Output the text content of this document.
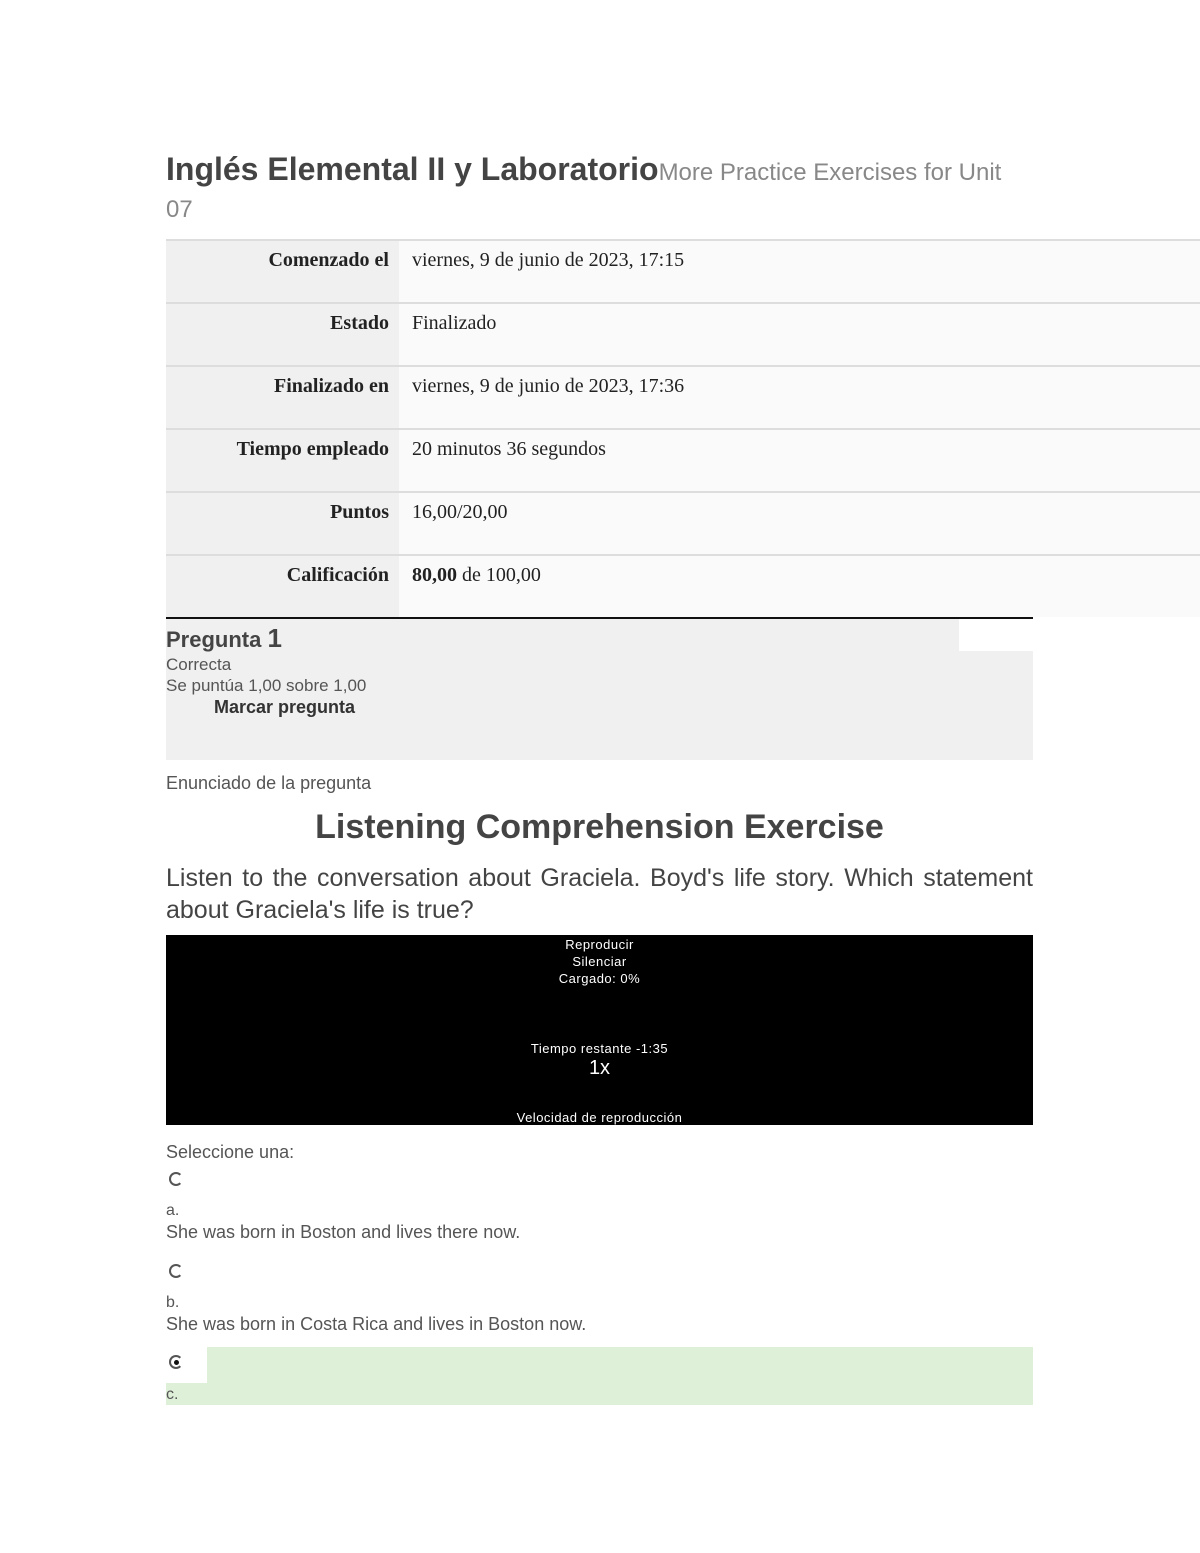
Inglés Elemental II y LaboratorioMore Practice Exercises for Unit 07
Comenzado el	viernes, 9 de junio de 2023, 17:15
Estado	Finalizado
Finalizado en	viernes, 9 de junio de 2023, 17:36
Tiempo empleado	20 minutos 36 segundos
Puntos	16,00/20,00
Calificación	80,00 de 100,00
Pregunta 1
Correcta
Se puntúa 1,00 sobre 1,00
Marcar pregunta
Enunciado de la pregunta
Listening Comprehension Exercise
Listen to the conversation about Graciela. Boyd's life story. Which statement about Graciela's life is true?
Reproducir
Silenciar
Cargado: 0%
Tiempo restante -1:35
1x
Velocidad de reproducción
Seleccione una:
a.
She was born in Boston and lives there now.
b.
She was born in Costa Rica and lives in Boston now.
c.
